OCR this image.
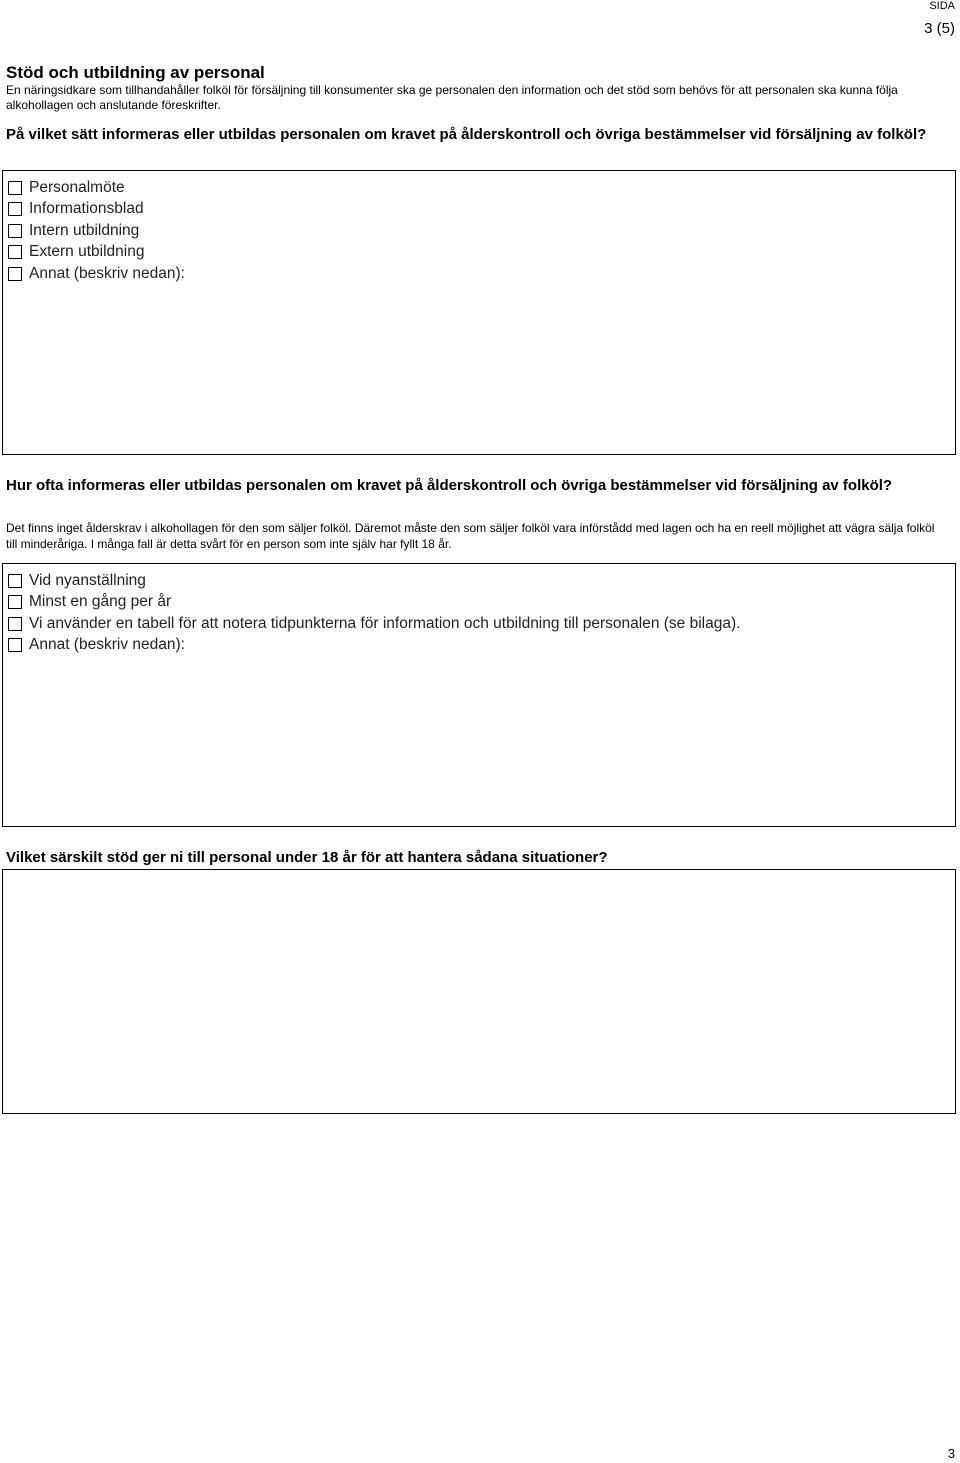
SIDA
3 (5)
Stöd och utbildning av personal

En näringsidkare som tillhandahåller folköl för försäljning till konsumenter ska ge personalen den information och det stöd som behövs för att personalen ska kunna följa alkohollagen och anslutande föreskrifter.

På vilket sätt informeras eller utbildas personalen om kravet på ålderskontroll och övriga bestämmelser vid försäljning av folköl?

Personalmöte
Informationsblad
Intern utbildning
Extern utbildning
Annat (beskriv nedan):

Hur ofta informeras eller utbildas personalen om kravet på ålderskontroll och övriga bestämmelser vid försäljning av folköl?

Det finns inget ålderskrav i alkohollagen för den som säljer folköl. Däremot måste den som säljer folköl vara införstådd med lagen och ha en reell möjlighet att vägra sälja folköl till minderåriga. I många fall är detta svårt för en person som inte själv har fyllt 18 år.

Vid nyanställning
Minst en gång per år
Vi använder en tabell för att notera tidpunkterna för information och utbildning till personalen (se bilaga).
Annat (beskriv nedan):

Vilket särskilt stöd ger ni till personal under 18 år för att hantera sådana situationer?

3
